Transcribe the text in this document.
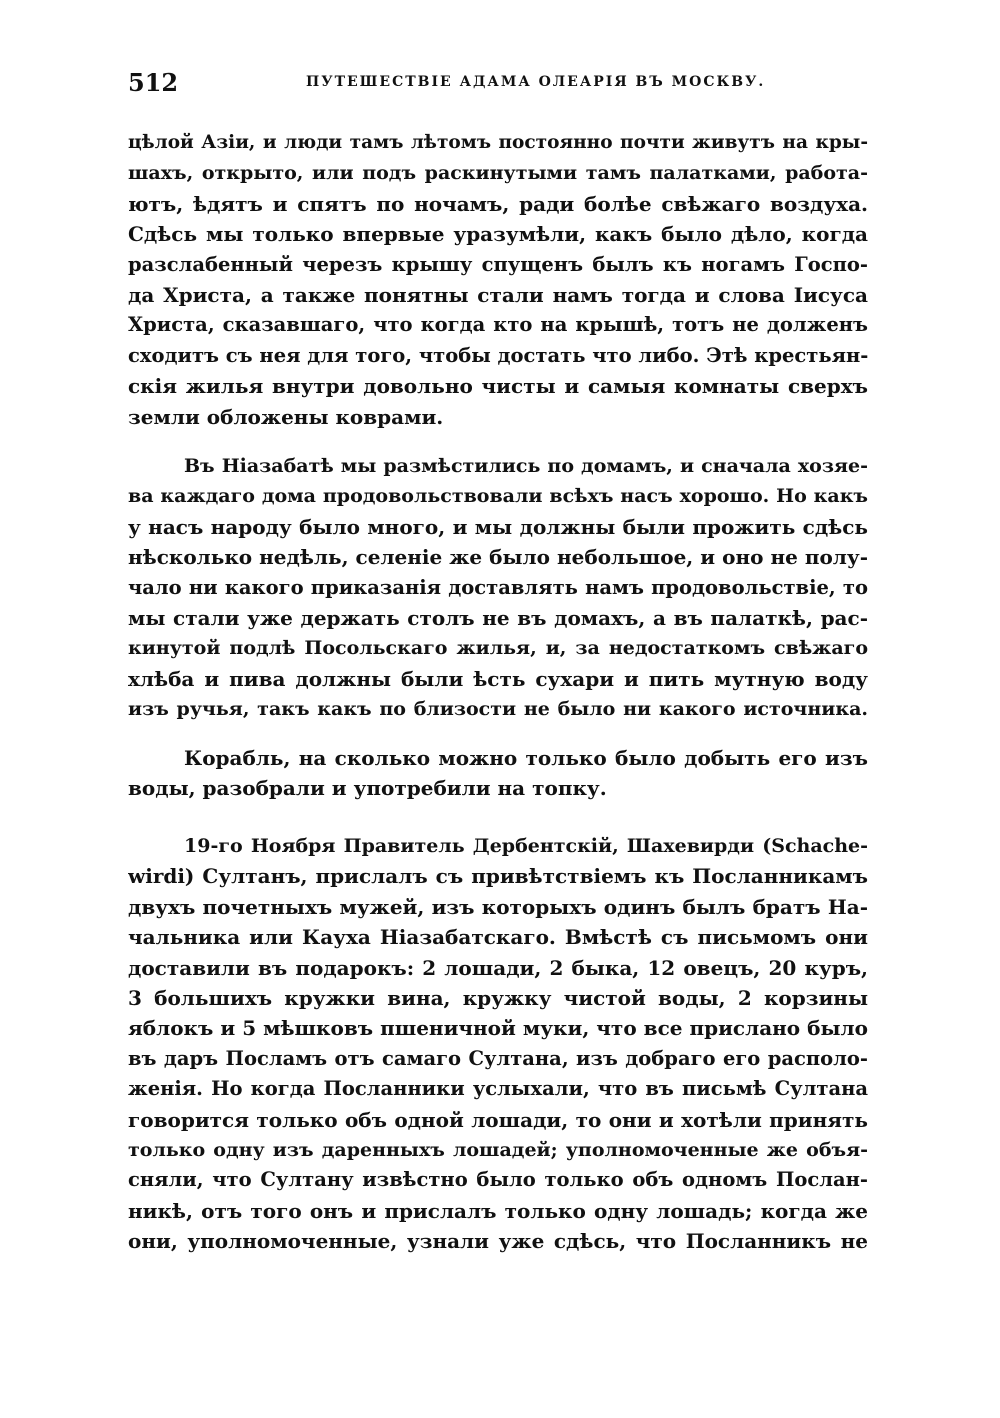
512	ПУТЕШЕСТВІЕ АДАМА ОЛЕАРІЯ ВЪ МОСКВУ.
цѣлой Азіи, и люди тамъ лѣтомъ постоянно почти живутъ на кры-
шахъ, открыто, или подъ раскинутыми тамъ палатками, работа-
ютъ, ѣдятъ и спятъ по ночамъ, ради болѣе свѣжаго воздуха.
Сдѣсь мы только впервые уразумѣли, какъ было дѣло, когда
разслабенный черезъ крышу спущенъ былъ къ ногамъ Госпо-
да Христа, а также понятны стали намъ тогда и слова Іисуса
Христа, сказавшаго, что когда кто на крышѣ, тотъ не долженъ
сходитъ съ нея для того, чтобы достать что либо. Этѣ крестьян-
скія жилья внутри довольно чисты и самыя комнаты сверхъ
земли обложены коврами.
Въ Ніазабатѣ мы размѣстились по домамъ, и сначала хозяе-
ва каждаго дома продовольствовали всѣхъ насъ хорошо. Но какъ
у насъ народу было много, и мы должны были прожить сдѣсь
нѣсколько недѣль, селеніе же было небольшое, и оно не полу-
чало ни какого приказанія доставлять намъ продовольствіе, то
мы стали уже держать столъ не въ домахъ, а въ палаткѣ, рас-
кинутой подлѣ Посольскаго жилья, и, за недостаткомъ свѣжаго
хлѣба и пива должны были ѣсть сухари и пить мутную воду
изъ ручья, такъ какъ по близости не было ни какого источника.
Корабль, на сколько можно только было добыть его изъ
воды, разобрали и употребили на топку.
19-го Ноября Правитель Дербентскій, Шахевирди (Schache-
wirdi) Султанъ, прислалъ съ привѣтствіемъ къ Посланникамъ
двухъ почетныхъ мужей, изъ которыхъ одинъ былъ братъ На-
чальника или Кауха Ніазабатскаго. Вмѣстѣ съ письмомъ они
доставили въ подарокъ: 2 лошади, 2 быка, 12 овецъ, 20 куръ,
3 большихъ кружки вина, кружку чистой воды, 2 корзины
яблокъ и 5 мѣшковъ пшеничной муки, что все прислано было
въ даръ Посламъ отъ самаго Султана, изъ добраго его располо-
женія. Но когда Посланники услыхали, что въ письмѣ Султана
говорится только объ одной лошади, то они и хотѣли принять
только одну изъ даренныхъ лошадей; уполномоченные же объя-
сняли, что Султану извѣстно было только объ одномъ Послан-
никѣ, отъ того онъ и прислалъ только одну лошадь; когда же
они, уполномоченные, узнали уже сдѣсь, что Посланникъ не
